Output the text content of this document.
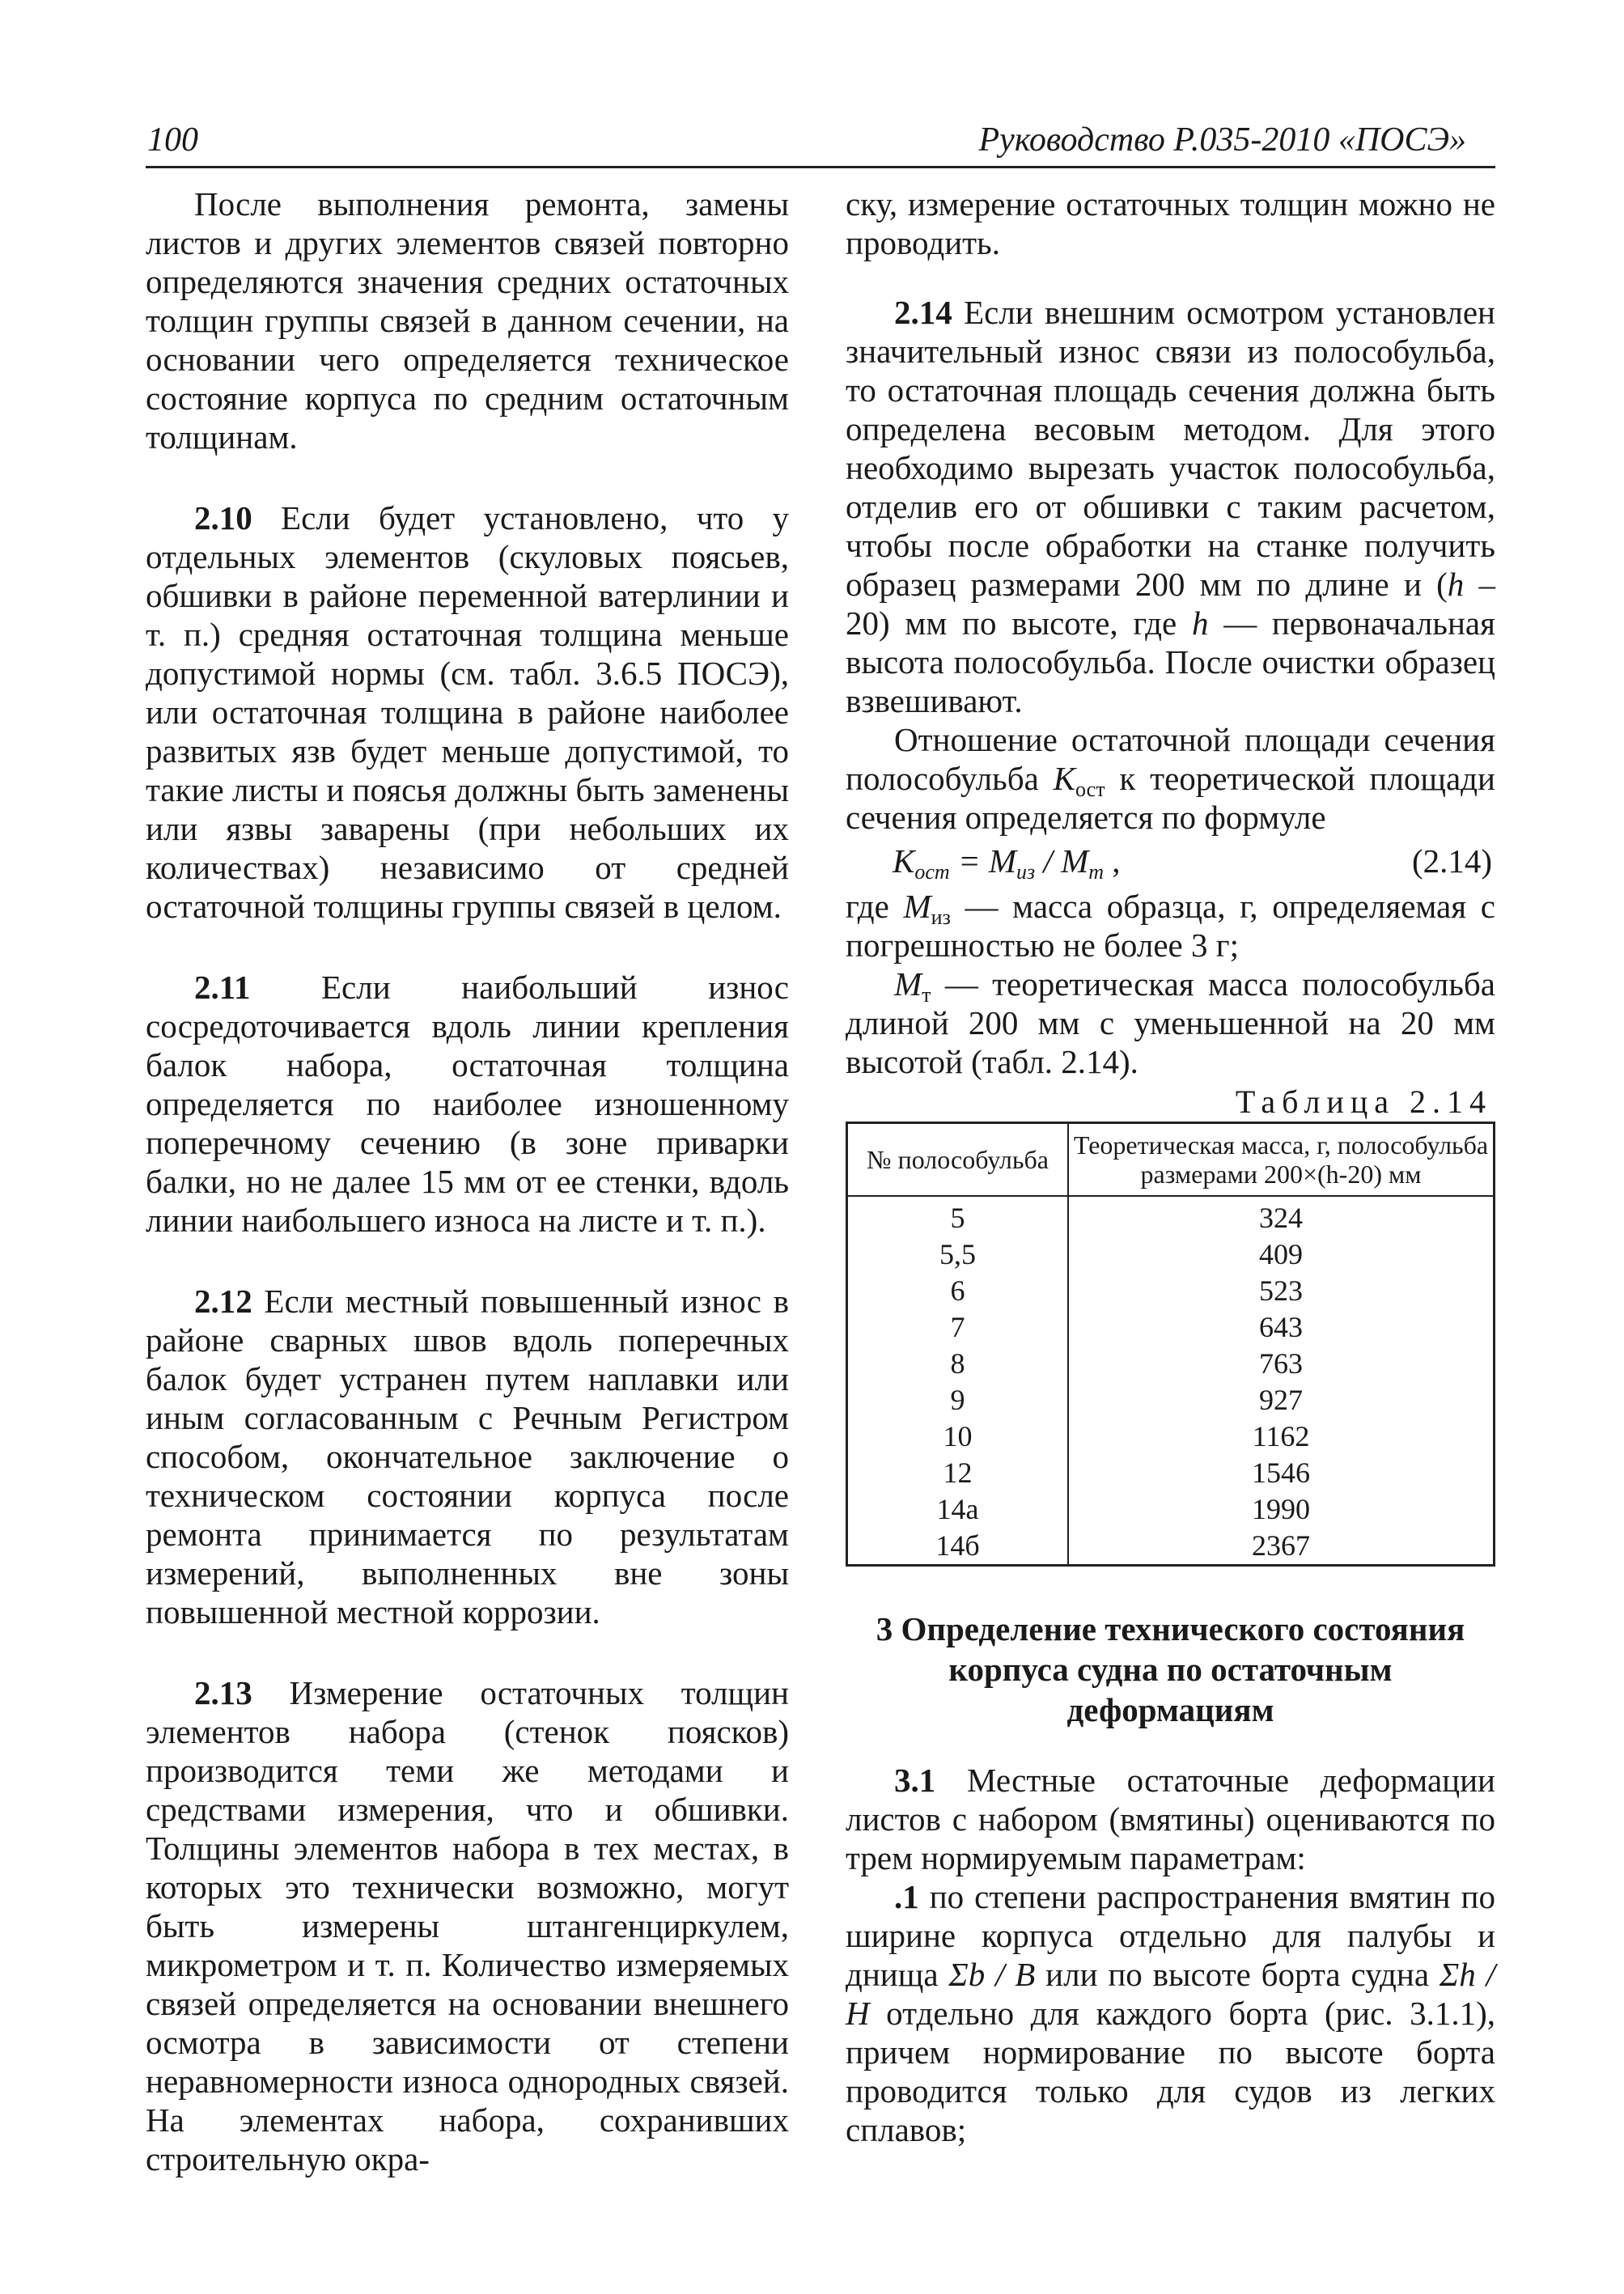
100	Руководство Р.035-2010 «ПОСЭ»

После выполнения ремонта, замены листов и других элементов связей повторно определяются значения средних остаточных толщин группы связей в данном сечении, на основании чего определяется техническое состояние корпуса по средним остаточным толщинам.

2.10 Если будет установлено, что у отдельных элементов (скуловых поясьев, обшивки в районе переменной ватерлинии и т. п.) средняя остаточная толщина меньше допустимой нормы (см. табл. 3.6.5 ПОСЭ), или остаточная толщина в районе наиболее развитых язв будет меньше допустимой, то такие листы и поясья должны быть заменены или язвы заварены (при небольших их количествах) независимо от средней остаточной толщины группы связей в целом.

2.11 Если наибольший износ сосредоточивается вдоль линии крепления балок набора, остаточная толщина определяется по наиболее изношенному поперечному сечению (в зоне приварки балки, но не далее 15 мм от ее стенки, вдоль линии наибольшего износа на листе и т. п.).

2.12 Если местный повышенный износ в районе сварных швов вдоль поперечных балок будет устранен путем наплавки или иным согласованным с Речным Регистром способом, окончательное заключение о техническом состоянии корпуса после ремонта принимается по результатам измерений, выполненных вне зоны повышенной местной коррозии.

2.13 Измерение остаточных толщин элементов набора (стенок поясков) производится теми же методами и средствами измерения, что и обшивки. Толщины элементов набора в тех местах, в которых это технически возможно, могут быть измерены штангенциркулем, микрометром и т. п. Количество измеряемых связей определяется на основании внешнего осмотра в зависимости от степени неравномерности износа однородных связей. На элементах набора, сохранивших строительную окра-

ску, измерение остаточных толщин можно не проводить.

2.14 Если внешним осмотром установлен значительный износ связи из полособульба, то остаточная площадь сечения должна быть определена весовым методом. Для этого необходимо вырезать участок полособульба, отделив его от обшивки с таким расчетом, чтобы после обработки на станке получить образец размерами 200 мм по длине и (h – 20) мм по высоте, где h — первоначальная высота полособульба. После очистки образец взвешивают.

Отношение остаточной площади сечения полособульба $K_{ост}$ к теоретической площади сечения определяется по формуле

$K_{ост} = M_{из} / M_т$ ,	(2.14)

где $M_{из}$ — масса образца, г, определяемая с погрешностью не более 3 г;

$M_т$ — теоретическая масса полособульба длиной 200 мм с уменьшенной на 20 мм высотой (табл. 2.14).

Таблица 2.14
№ полособульба	Теоретическая масса, г, полособульба размерами 200×(h-20) мм
5	324
5,5	409
6	523
7	643
8	763
9	927
10	1162
12	1546
14а	1990
14б	2367

3 Определение технического состояния
корпуса судна по остаточным деформациям

3.1 Местные остаточные деформации листов с набором (вмятины) оцениваются по трем нормируемым параметрам:

.1 по степени распространения вмятин по ширине корпуса отдельно для палубы и днища Σb / B или по высоте борта судна Σh / H отдельно для каждого борта (рис. 3.1.1), причем нормирование по высоте борта проводится только для судов из легких сплавов;
